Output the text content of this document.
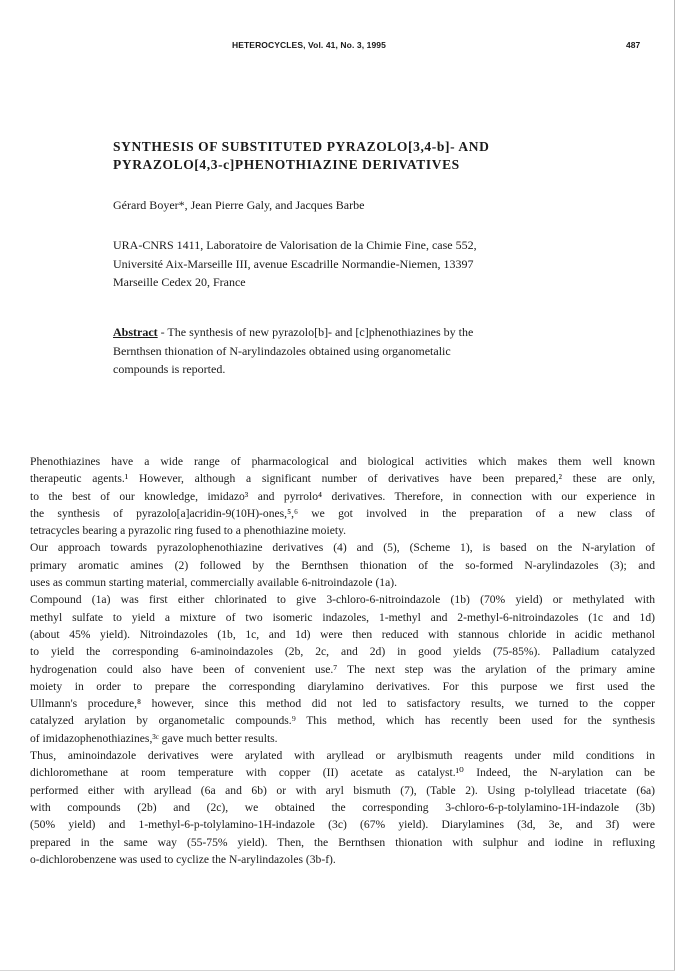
HETEROCYCLES, Vol. 41, No. 3, 1995	487
SYNTHESIS OF SUBSTITUTED PYRAZOLO[3,4-b]- AND
PYRAZOLO[4,3-c]PHENOTHIAZINE DERIVATIVES
Gérard Boyer*, Jean Pierre Galy, and Jacques Barbe
URA-CNRS 1411, Laboratoire de Valorisation de la Chimie Fine, case 552,
Université Aix-Marseille III, avenue Escadrille Normandie-Niemen, 13397
Marseille Cedex 20, France
Abstract - The synthesis of new pyrazolo[b]- and [c]phenothiazines by the
Bernthsen thionation of N-arylindazoles obtained using organometalic
compounds is reported.
Phenothiazines have a wide range of pharmacological and biological activities which makes them well known
therapeutic agents.¹ However, although a significant number of derivatives have been prepared,² these are only,
to the best of our knowledge, imidazo³ and pyrrolo⁴ derivatives. Therefore, in connection with our experience in
the synthesis of pyrazolo[a]acridin-9(10H)-ones,⁵,⁶ we got involved in the preparation of a new class of
tetracycles bearing a pyrazolic ring fused to a phenothiazine moiety.
Our approach towards pyrazolophenothiazine derivatives (4) and (5), (Scheme 1), is based on the N-arylation of
primary aromatic amines (2) followed by the Bernthsen thionation of the so-formed N-arylindazoles (3); and
uses as commun starting material, commercially available 6-nitroindazole (1a).
Compound (1a) was first either chlorinated to give 3-chloro-6-nitroindazole (1b) (70% yield) or methylated with
methyl sulfate to yield a mixture of two isomeric indazoles, 1-methyl and 2-methyl-6-nitroindazoles (1c and 1d)
(about 45% yield). Nitroindazoles (1b, 1c, and 1d) were then reduced with stannous chloride in acidic methanol
to yield the corresponding 6-aminoindazoles (2b, 2c, and 2d) in good yields (75-85%). Palladium catalyzed
hydrogenation could also have been of convenient use.⁷ The next step was the arylation of the primary amine
moiety in order to prepare the corresponding diarylamino derivatives. For this purpose we first used the
Ullmann's procedure,⁸ however, since this method did not led to satisfactory results, we turned to the copper
catalyzed arylation by organometalic compounds.⁹ This method, which has recently been used for the synthesis
of imidazophenothiazines,³ᶜ gave much better results.
Thus, aminoindazole derivatives were arylated with aryllead or arylbismuth reagents under mild conditions in
dichloromethane at room temperature with copper (II) acetate as catalyst.¹⁰ Indeed, the N-arylation can be
performed either with aryllead (6a and 6b) or with aryl bismuth (7), (Table 2). Using p-tolyllead triacetate (6a)
with compounds (2b) and (2c), we obtained the corresponding 3-chloro-6-p-tolylamino-1H-indazole (3b)
(50% yield) and 1-methyl-6-p-tolylamino-1H-indazole (3c) (67% yield). Diarylamines (3d, 3e, and 3f) were
prepared in the same way (55-75% yield). Then, the Bernthsen thionation with sulphur and iodine in refluxing
o-dichlorobenzene was used to cyclize the N-arylindazoles (3b-f).
